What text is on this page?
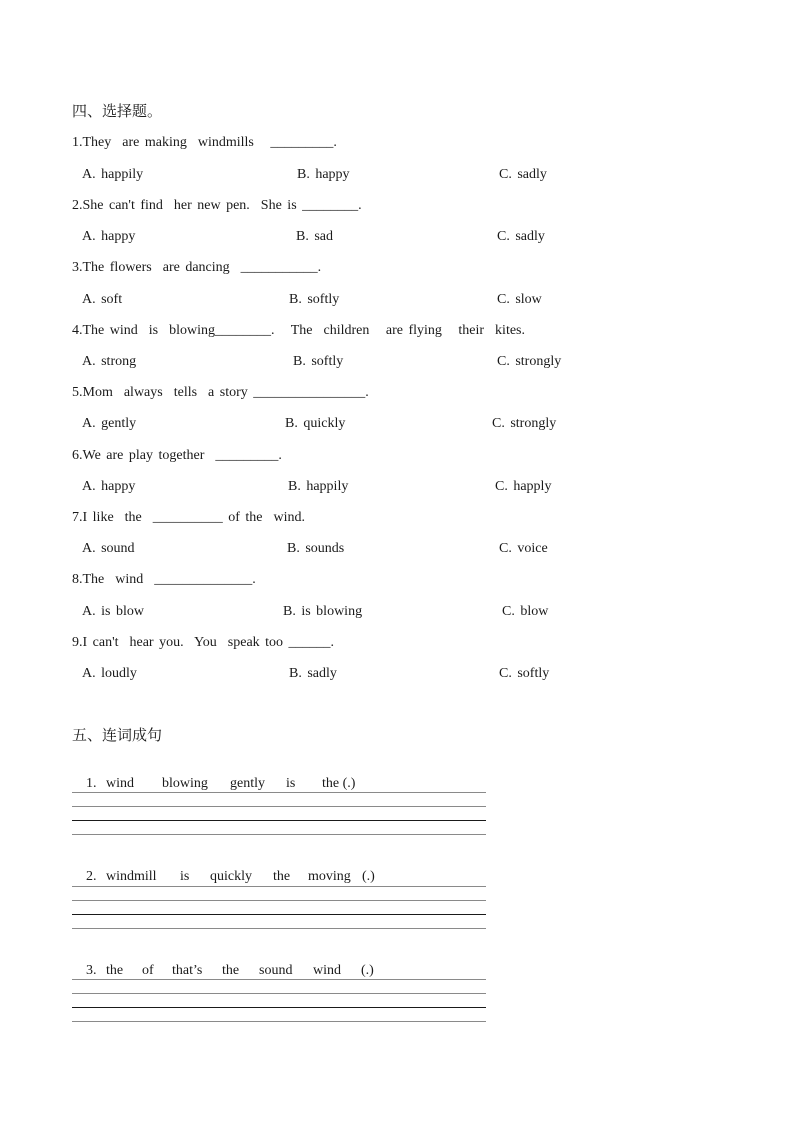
四、选择题。
1.They  are making  windmills   _________.
A. happily	B. happy	C. sadly
2.She can't find  her new pen.  She is ________.
A. happy	B. sad	C. sadly
3.The flowers  are dancing  ___________.
A. soft	B. softly	C. slow
4.The wind  is  blowing________.   The  children   are flying   their  kites.
A. strong	B. softly	C. strongly
5.Mom  always  tells  a story ________________.
A. gently	B. quickly	C. strongly
6.We are play together  _________.
A. happy	B. happily	C. happly
7.I like  the  __________ of the  wind.
A. sound	B. sounds	C. voice
8.The  wind  ______________.
A. is blow	B. is blowing	C. blow
9.I can't  hear you.  You  speak too ______.
A. loudly	B. sadly	C. softly
五、连词成句

1. wind blowing gently is the (.)

2. windmill is quickly the moving (.)

3. the of that’s the sound wind (.)
